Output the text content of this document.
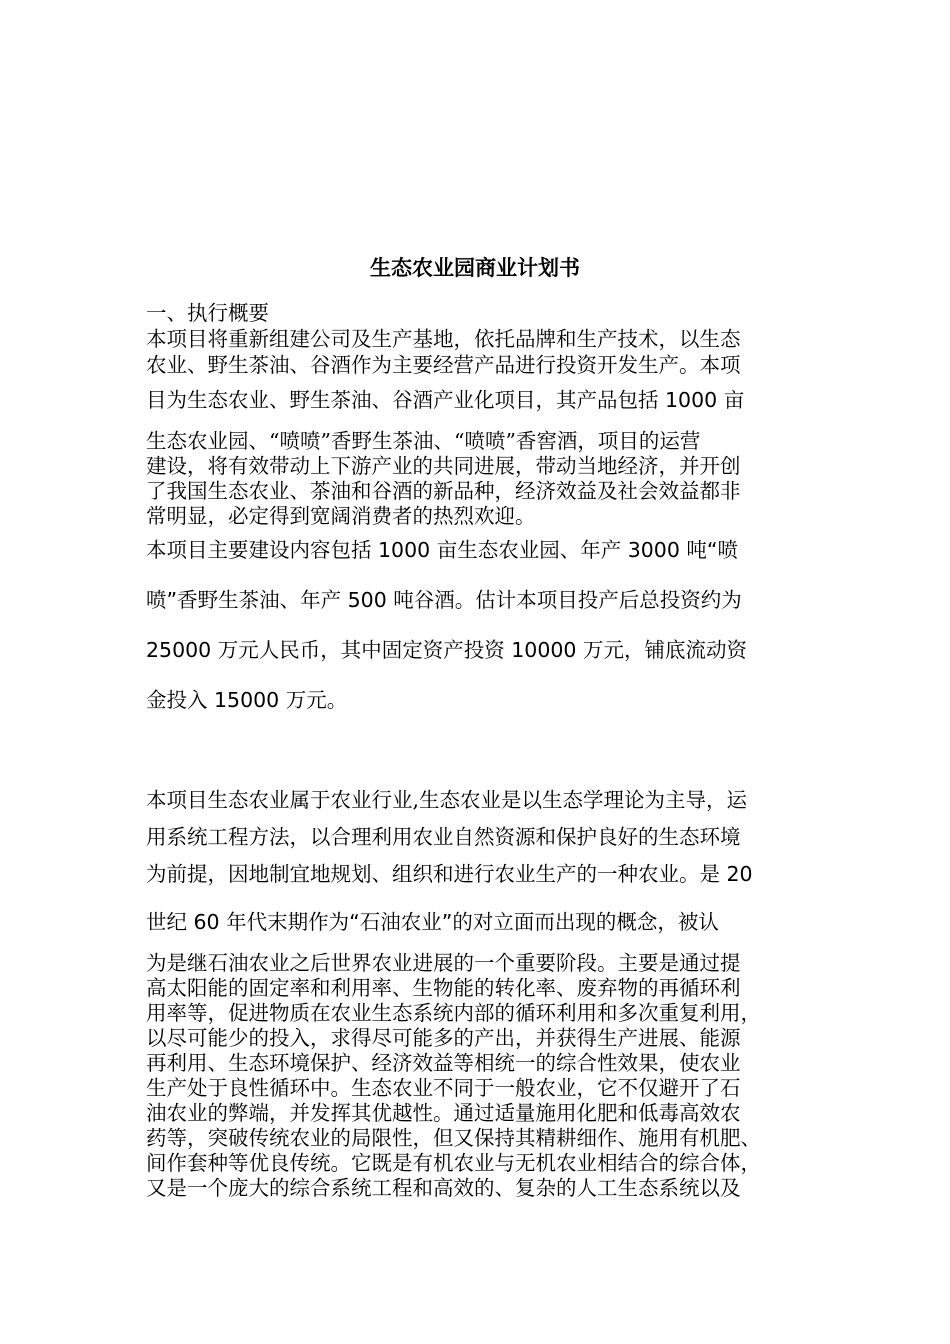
生态农业园商业计划书
一、执行概要
本项目将重新组建公司及生产基地，依托品牌和生产技术，以生态
农业、野生茶油、谷酒作为主要经营产品进行投资开发生产。本项
目为生态农业、野生茶油、谷酒产业化项目，其产品包括 1000 亩
生态农业园、“喷喷”香野生茶油、“喷喷”香窖酒，项目的运营
建设，将有效带动上下游产业的共同进展，带动当地经济，并开创
了我国生态农业、茶油和谷酒的新品种，经济效益及社会效益都非
常明显，必定得到宽阔消费者的热烈欢迎。
本项目主要建设内容包括 1000 亩生态农业园、年产 3000 吨“喷
喷”香野生茶油、年产 500 吨谷酒。估计本项目投产后总投资约为
25000 万元人民币，其中固定资产投资 10000 万元，铺底流动资
金投入 15000 万元。
本项目生态农业属于农业行业,生态农业是以生态学理论为主导，运
用系统工程方法，以合理利用农业自然资源和保护良好的生态环境
为前提，因地制宜地规划、组织和进行农业生产的一种农业。是 20
世纪 60 年代末期作为“石油农业”的对立面而出现的概念，被认
为是继石油农业之后世界农业进展的一个重要阶段。主要是通过提
高太阳能的固定率和利用率、生物能的转化率、废弃物的再循环利
用率等，促进物质在农业生态系统内部的循环利用和多次重复利用，
以尽可能少的投入，求得尽可能多的产出，并获得生产进展、能源
再利用、生态环境保护、经济效益等相统一的综合性效果，使农业
生产处于良性循环中。生态农业不同于一般农业，它不仅避开了石
油农业的弊端，并发挥其优越性。通过适量施用化肥和低毒高效农
药等，突破传统农业的局限性，但又保持其精耕细作、施用有机肥、
间作套种等优良传统。它既是有机农业与无机农业相结合的综合体，
又是一个庞大的综合系统工程和高效的、复杂的人工生态系统以及
